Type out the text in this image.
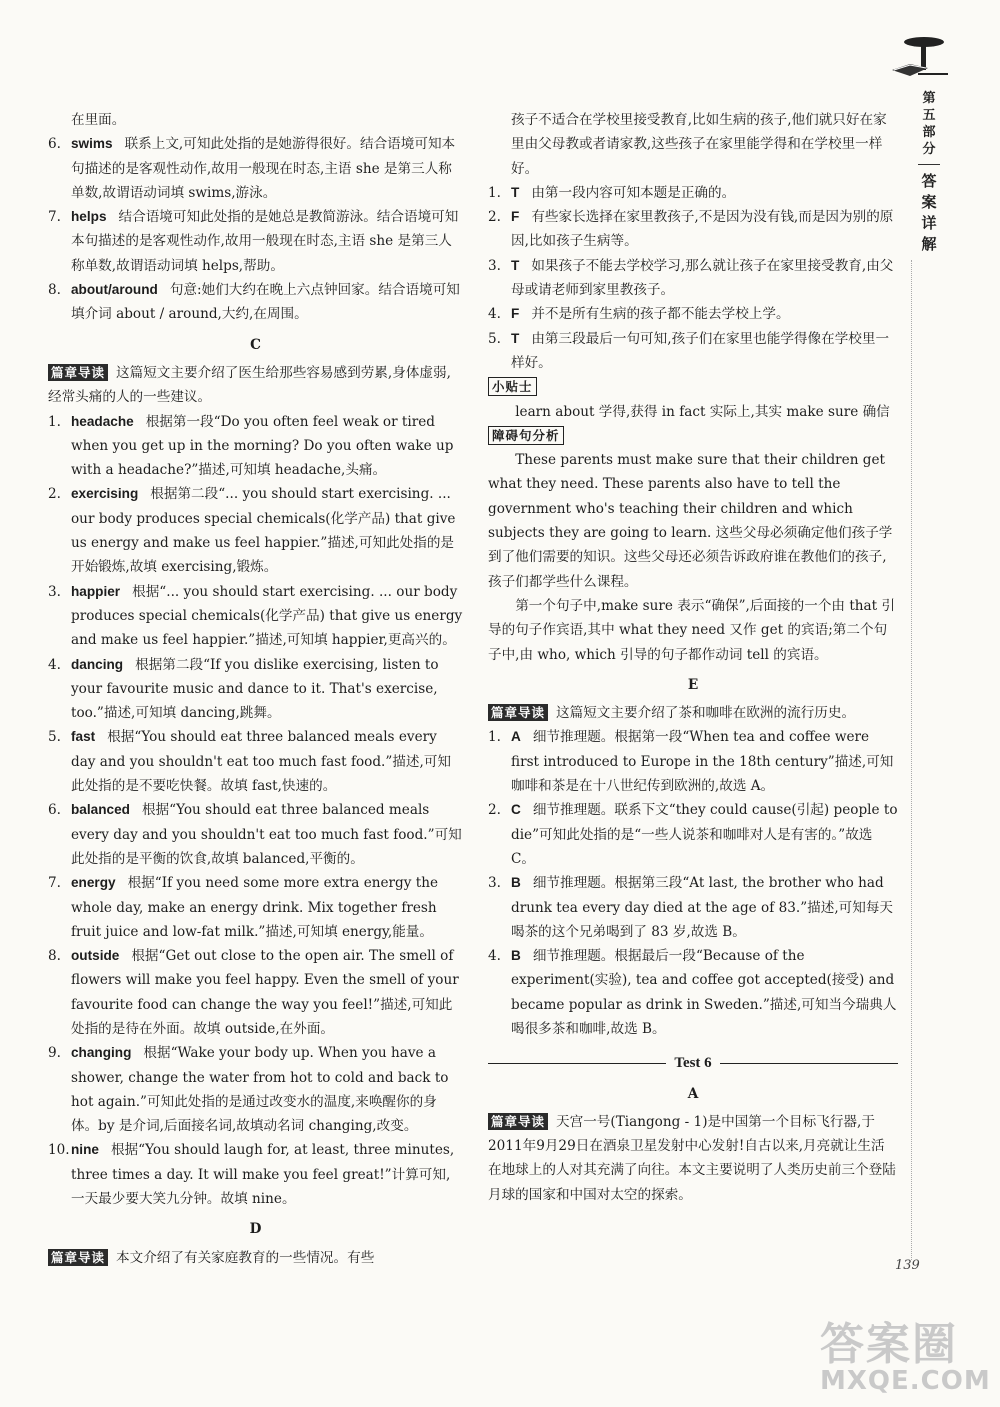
第五部分
答案详解

在里面。

6. swims 联系上文,可知此处指的是她游得很好。结合语境可知本句描述的是客观性动作,故用一般现在时态,主语 she 是第三人称单数,故谓语动词填 swims,游泳。
7. helps 结合语境可知此处指的是她总是教简游泳。结合语境可知本句描述的是客观性动作,故用一般现在时态,主语 she 是第三人称单数,故谓语动词填 helps,帮助。
8. about/around 句意:她们大约在晚上六点钟回家。结合语境可知填介词 about / around,大约,在周围。
C

篇章导读 这篇短文主要介绍了医生给那些容易感到劳累,身体虚弱,经常头痛的人的一些建议。

1. headache 根据第一段“Do you often feel weak or tired when you get up in the morning? Do you often wake up with a headache?”描述,可知填 headache,头痛。
2. exercising 根据第二段“... you should start exercising. ... our body produces special chemicals(化学产品) that give us energy and make us feel happier.”描述,可知此处指的是开始锻炼,故填 exercising,锻炼。
3. happier 根据“... you should start exercising. ... our body produces special chemicals(化学产品) that give us energy and make us feel happier.”描述,可知填 happier,更高兴的。
4. dancing 根据第二段“If you dislike exercising, listen to your favourite music and dance to it. That's exercise, too.”描述,可知填 dancing,跳舞。
5. fast 根据“You should eat three balanced meals every day and you shouldn't eat too much fast food.”描述,可知此处指的是不要吃快餐。故填 fast,快速的。
6. balanced 根据“You should eat three balanced meals every day and you shouldn't eat too much fast food.”可知此处指的是平衡的饮食,故填 balanced,平衡的。
7. energy 根据“If you need some more extra energy the whole day, make an energy drink. Mix together fresh fruit juice and low-fat milk.”描述,可知填 energy,能量。
8. outside 根据“Get out close to the open air. The smell of flowers will make you feel happy. Even the smell of your favourite food can change the way you feel!”描述,可知此处指的是待在外面。故填 outside,在外面。
9. changing 根据“Wake your body up. When you have a shower, change the water from hot to cold and back to hot again.”可知此处指的是通过改变水的温度,来唤醒你的身体。by 是介词,后面接名词,故填动名词 changing,改变。
10. nine 根据“You should laugh for, at least, three minutes, three times a day. It will make you feel great!”计算可知,一天最少要大笑九分钟。故填 nine。
D

篇章导读 本文介绍了有关家庭教育的一些情况。有些

孩子不适合在学校里接受教育,比如生病的孩子,他们就只好在家里由父母教或者请家教,这些孩子在家里能学得和在学校里一样好。

1. T 由第一段内容可知本题是正确的。
2. F 有些家长选择在家里教孩子,不是因为没有钱,而是因为别的原因,比如孩子生病等。
3. T 如果孩子不能去学校学习,那么就让孩子在家里接受教育,由父母或请老师到家里教孩子。
4. F 并不是所有生病的孩子都不能去学校上学。
5. T 由第三段最后一句可知,孩子们在家里也能学得像在学校里一样好。
小贴士

learn about 学得,获得 in fact 实际上,其实 make sure 确信

障碍句分析

These parents must make sure that their children get what they need. These parents also have to tell the government who's teaching their children and which subjects they are going to learn. 这些父母必须确定他们孩子学到了他们需要的知识。这些父母还必须告诉政府谁在教他们的孩子,孩子们都学些什么课程。

第一个句子中,make sure 表示“确保”,后面接的一个由 that 引导的句子作宾语,其中 what they need 又作 get 的宾语;第二个句子中,由 who, which 引导的句子都作动词 tell 的宾语。

E

篇章导读 这篇短文主要介绍了茶和咖啡在欧洲的流行历史。

1. A 细节推理题。根据第一段“When tea and coffee were first introduced to Europe in the 18th century”描述,可知咖啡和茶是在十八世纪传到欧洲的,故选 A。
2. C 细节推理题。联系下文“they could cause(引起) people to die”可知此处指的是“一些人说茶和咖啡对人是有害的。”故选 C。
3. B 细节推理题。根据第三段“At last, the brother who had drunk tea every day died at the age of 83.”描述,可知每天喝茶的这个兄弟喝到了 83 岁,故选 B。
4. B 细节推理题。根据最后一段“Because of the experiment(实验), tea and coffee got accepted(接受) and became popular as drink in Sweden.”描述,可知当今瑞典人喝很多茶和咖啡,故选 B。
Test 6
A

篇章导读 天宫一号(Tiangong - 1)是中国第一个目标飞行器,于2011年9月29日在酒泉卫星发射中心发射!自古以来,月亮就让生活在地球上的人对其充满了向往。本文主要说明了人类历史前三个登陆月球的国家和中国对太空的探索。

139
答案圈
MXQE.COM
